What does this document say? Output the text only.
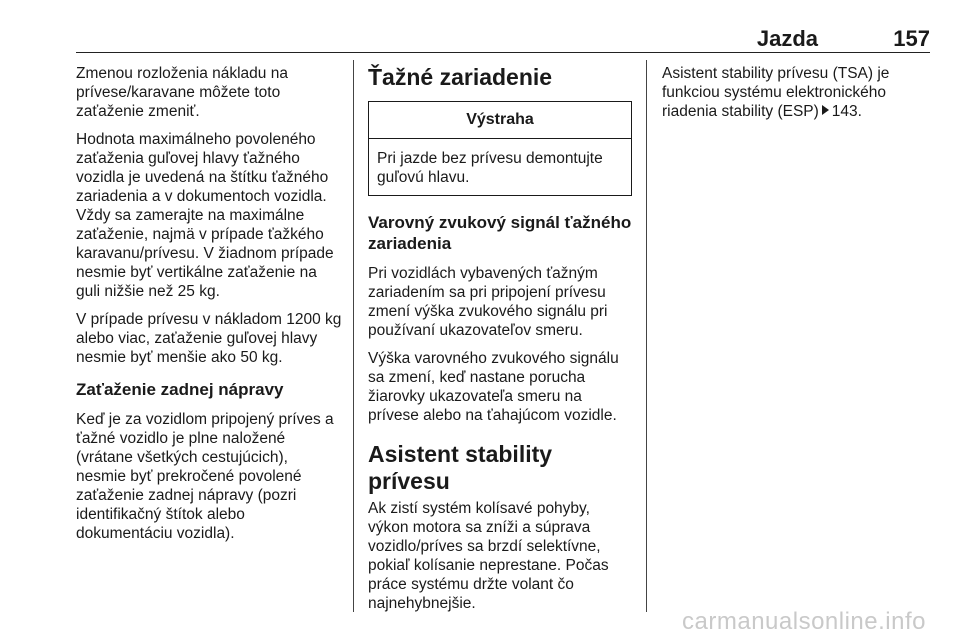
Jazda	157

Zmenou rozloženia nákladu na prívese/karavane môžete toto zaťaženie zmeniť.

Hodnota maximálneho povoleného zaťaženia guľovej hlavy ťažného vozidla je uvedená na štítku ťažného zariadenia a v dokumentoch vozidla. Vždy sa zamerajte na maximálne zaťaženie, najmä v prípade ťažkého karavanu/prívesu. V žiadnom prípade nesmie byť vertikálne zaťaženie na guli nižšie než 25 kg.

V prípade prívesu v nákladom 1200 kg alebo viac, zaťaženie guľovej hlavy nesmie byť menšie ako 50 kg.

Zaťaženie zadnej nápravy

Keď je za vozidlom pripojený príves a ťažné vozidlo je plne naložené (vrátane všetkých cestujúcich), nesmie byť prekročené povolené zaťaženie zadnej nápravy (pozri identifikačný štítok alebo dokumentáciu vozidla).

Ťažné zariadenie
Výstraha
Pri jazde bez prívesu demontujte guľovú hlavu.
Varovný zvukový signál ťažného zariadenia

Pri vozidlách vybavených ťažným zariadením sa pri pripojení prívesu zmení výška zvukového signálu pri používaní ukazovateľov smeru.

Výška varovného zvukového signálu sa zmení, keď nastane porucha žiarovky ukazovateľa smeru na prívese alebo na ťahajúcom vozidle.

Asistent stability prívesu

Ak zistí systém kolísavé pohyby, výkon motora sa zníži a súprava vozidlo/príves sa brzdí selektívne, pokiaľ kolísanie neprestane. Počas práce systému držte volant čo najnehybnejšie.

Asistent stability prívesu (TSA) je funkciou systému elektronického riadenia stability (ESP) 143.

carmanualsonline.info
